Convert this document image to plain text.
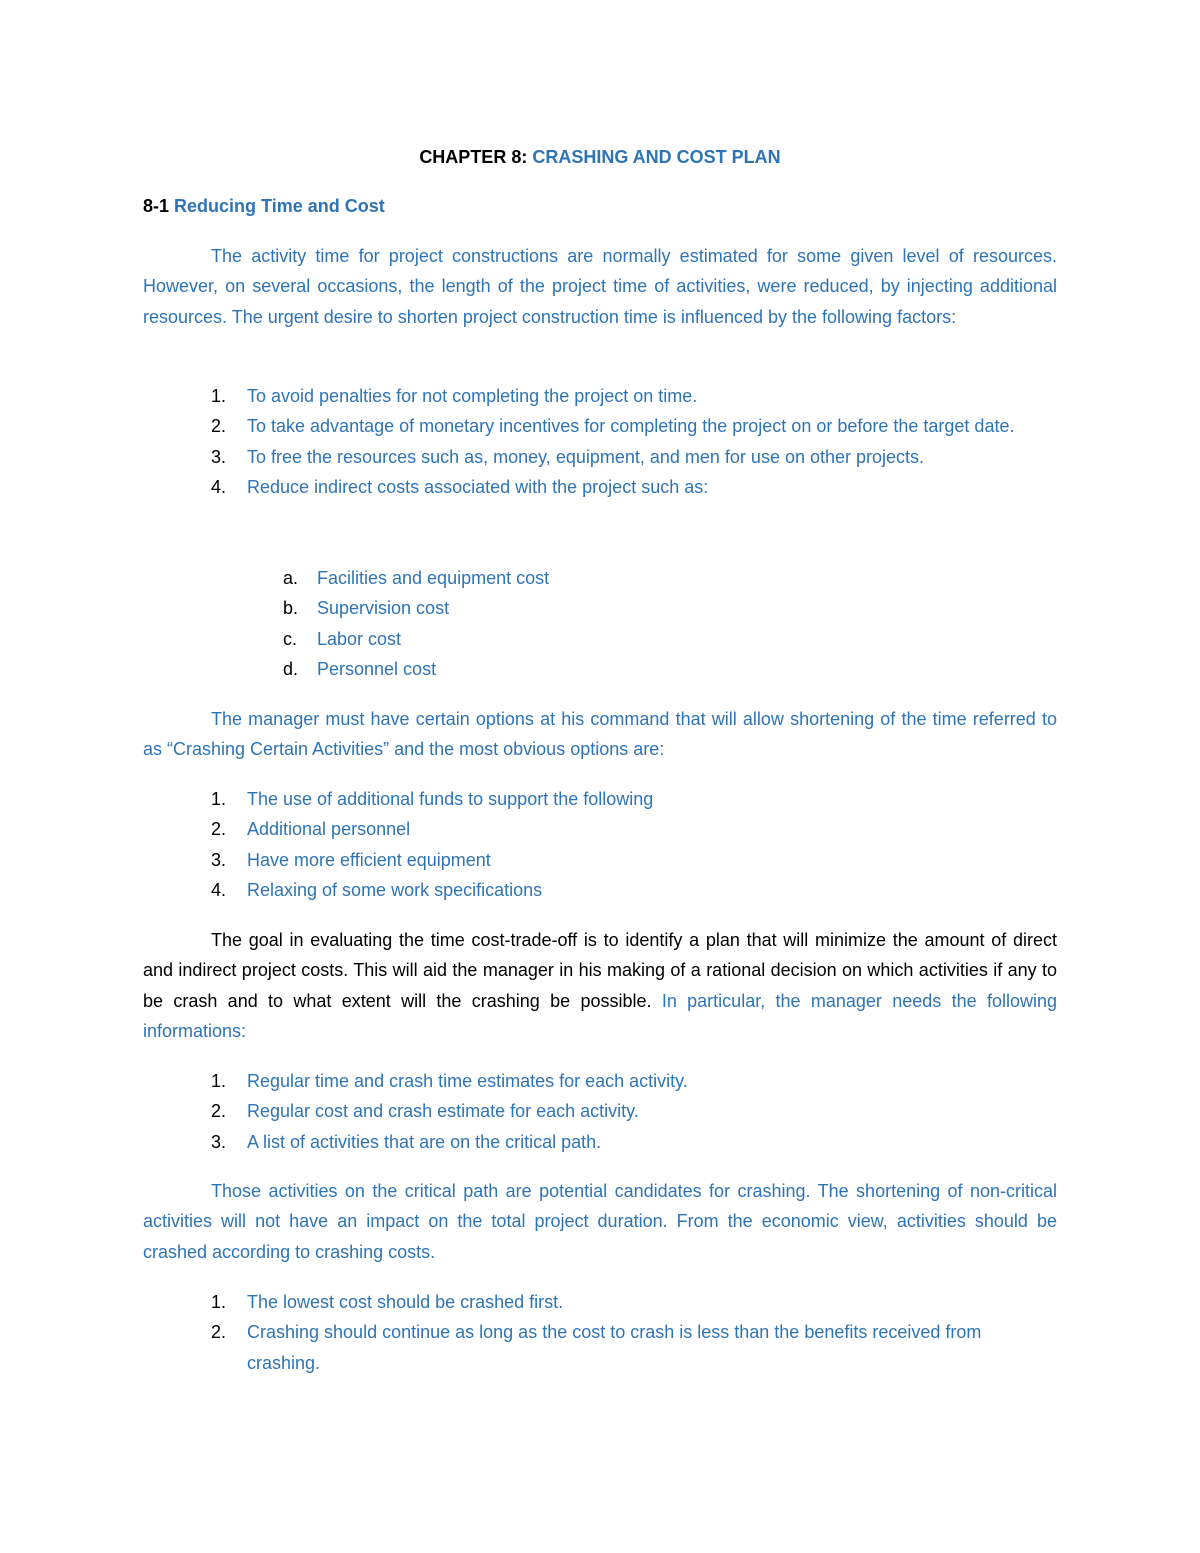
CHAPTER 8: CRASHING AND COST PLAN
8-1 Reducing Time and Cost

The activity time for project constructions are normally estimated for some given level of resources. However, on several occasions, the length of the project time of activities, were reduced, by injecting additional resources. The urgent desire to shorten project construction time is influenced by the following factors:

1. To avoid penalties for not completing the project on time.
2. To take advantage of monetary incentives for completing the project on or before the target date.
3. To free the resources such as, money, equipment, and men for use on other projects.
4. Reduce indirect costs associated with the project such as:
a. Facilities and equipment cost
b. Supervision cost
c. Labor cost
d. Personnel cost

The manager must have certain options at his command that will allow shortening of the time referred to as “Crashing Certain Activities” and the most obvious options are:

1. The use of additional funds to support the following
2. Additional personnel
3. Have more efficient equipment
4. Relaxing of some work specifications

The goal in evaluating the time cost-trade-off is to identify a plan that will minimize the amount of direct and indirect project costs. This will aid the manager in his making of a rational decision on which activities if any to be crash and to what extent will the crashing be possible. In particular, the manager needs the following informations:

1. Regular time and crash time estimates for each activity.
2. Regular cost and crash estimate for each activity.
3. A list of activities that are on the critical path.

Those activities on the critical path are potential candidates for crashing. The shortening of non-critical activities will not have an impact on the total project duration. From the economic view, activities should be crashed according to crashing costs.

1. The lowest cost should be crashed first.
2. Crashing should continue as long as the cost to crash is less than the benefits received from crashing.
